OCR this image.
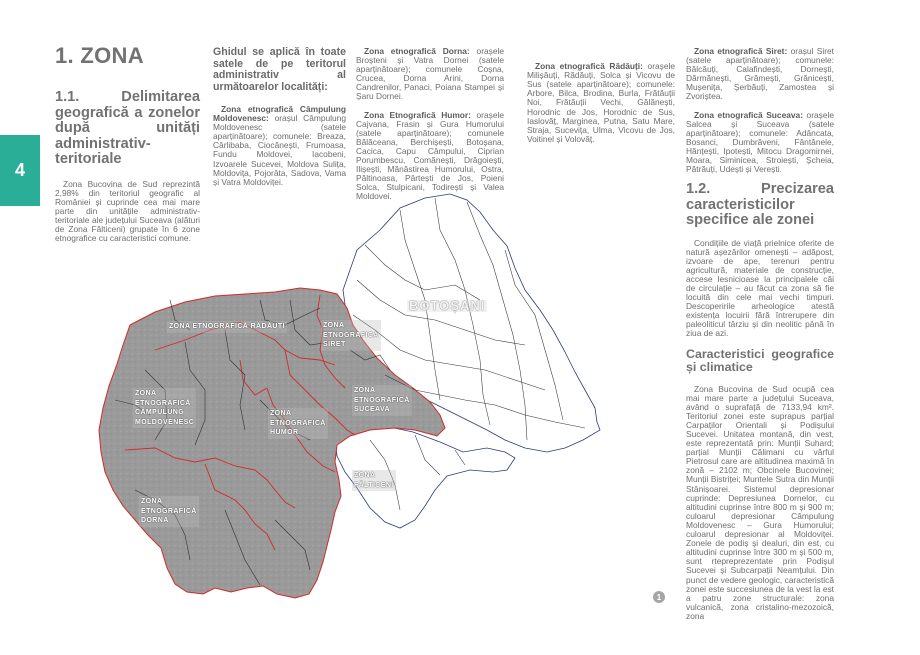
4
1. ZONA
1.1. Delimitarea geografică a zonelor după unități administrativ-teritoriale

Zona Bucovina de Sud reprezintă 2,98% din teritoriul geografic al României și cuprinde cea mai mare parte din unitățile administrativ-teritoriale ale județului Suceava (alături de Zona Fălticeni) grupate în 6 zone etnografice cu caracteristici comune.

Ghidul se aplică în toate satele de pe teritorul administrativ al următoarelor localități:

Zona etnografică Câmpulung Moldovenesc: orașul Câmpulung Moldovenesc (satele aparținătoare); comunele: Breaza, Cârlibaba, Ciocănești, Frumoasa, Fundu Moldovei, Iacobeni, Izvoarele Sucevei, Moldova Sulița, Moldovița, Pojorâta, Sadova, Vama și Vatra Moldoviței.

Zona etnografică Dorna: orașele Broșteni și Vatra Dornei (satele aparținătoare); comunele Coșna, Crucea, Dorna Arini, Dorna Candrenilor, Panaci, Poiana Stampei și Șaru Dornei.

Zona Etnografică Humor: orașele Cajvana, Frasin și Gura Humorului (satele aparținătoare); comunele Bălăceana, Berchișești, Botoșana, Cacica, Capu Câmpului, Ciprian Porumbescu, Comănești, Drăgoiești, Ilișești, Mănăstirea Humorului, Ostra, Păltinoasa, Pârtești de Jos, Poieni Solca, Stulpicani, Todirești și Valea Moldovei.

Zona etnografică Rădăuți: orașele Milișăuți, Rădăuți, Solca și Vicovu de Sus (satele aparținătoare); comunele: Arbore, Bilca, Brodina, Burla, Frătăuții Noi, Frătăuții Vechi, Gălănești, Horodnic de Jos, Horodnic de Sus, Iaslovăț, Marginea, Putna, Satu Mare, Straja, Sucevița, Ulma, Vicovu de Jos, Voitinel și Volovăț.

Zona etnografică Siret: orașul Siret (satele aparținătoare); comunele: Bălcăuți, Calafindești, Dornești, Dărmănești, Grămești, Grănicești, Mușenița, Șerbăuți, Zamostea și Zvoriștea.

Zona etnografică Suceava: orașele Salcea și Suceava (satele aparținătoare); comunele: Adâncata, Bosanci, Dumbrăveni, Fântânele, Hănțești, Ipotești, Mitocu Dragomirnei, Moara, Siminicea, Stroiești, Șcheia, Pătrăuți, Udești și Verești.

1.2. Precizarea caracteristicilor specifice ale zonei

Condițiile de viață prielnice oferite de natură așezărilor omenești – adăpost, izvoare de ape, terenuri pentru agricultură, materiale de construcție, accese lesnicioase la principalele căi de circulație – au făcut ca zona să fie locuită din cele mai vechi timpuri. Descoperirile arheologice atestă existența locuirii fără întrerupere din paleoliticul târziu și din neolitic până în ziua de azi.

Caracteristici geografice și climatice

Zona Bucovina de Sud ocupă cea mai mare parte a județului Suceava, având o suprafață de 7133,94 km². Teritoriul zonei este suprapus parțial Carpaților Orientali și Podișului Sucevei. Unitatea montană, din vest, este reprezentată prin: Munții Suhard; parțial Munții Călimani cu vârful Pietrosul care are altitudinea maximă în zonă – 2102 m; Obcinele Bucovinei; Munții Bistriței; Muntele Sutra din Munții Stânișoarei. Sistemul depresionar cuprinde: Depresiunea Dornelor, cu altitudini cuprinse între 800 m și 900 m; culoarul depresionar Câmpulung Moldovenesc – Gura Humorului; culoarul depresionar al Moldoviței. Zonele de podiș și dealuri, din est, cu altitudini cuprinse între 300 m și 500 m, sunt rtepreprezentate prin Podișul Sucevei și Subcarpații Neamțului. Din punct de vedere geologic, caracteristică zonei este succesiunea de la vest la est a patru zone structurale: zona vulcanică, zona cristalino-mezozoică, zona

ZONA ETNOGRAFICĂ RĂDĂUȚI	ZONA
ETNOGRAFICA
SIRET
ZONA
ETNOGRAFICĂ
CÂMPULUNG
MOLDOVENESC
ZONA
ETNOGRAFICĂ
HUMOR
ZONA
ETNOGRAFICĂ
SUCEAVA
ZONA
ETNOGRAFICĂ
DORNA
ZONA
FĂLTICENI
BOTOȘANI
1
